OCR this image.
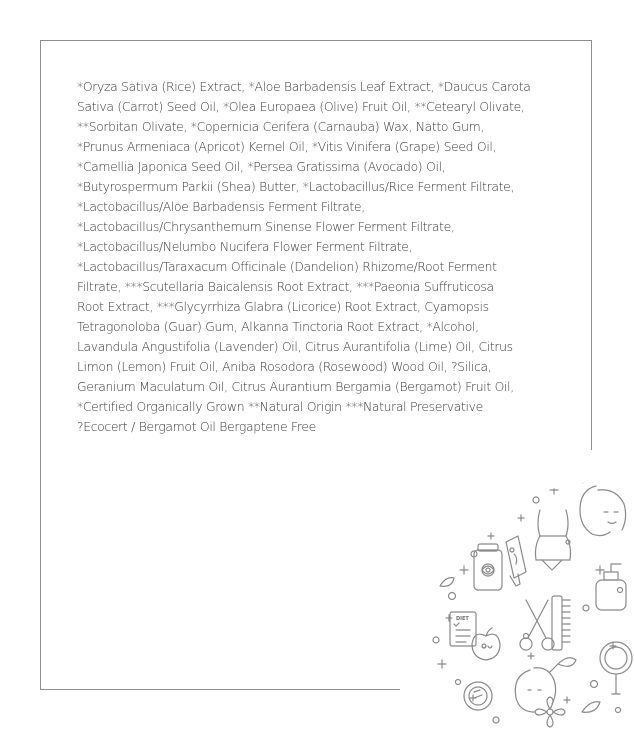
*Oryza Sativa (Rice) Extract, *Aloe Barbadensis Leaf Extract, *Daucus Carota
Sativa (Carrot) Seed Oil, *Olea Europaea (Olive) Fruit Oil, **Cetearyl Olivate,
**Sorbitan Olivate, *Copernicia Cerifera (Carnauba) Wax, Natto Gum,
*Prunus Armeniaca (Apricot) Kernel Oil, *Vitis Vinifera (Grape) Seed Oil,
*Camellia Japonica Seed Oil, *Persea Gratissima (Avocado) Oil,
*Butyrospermum Parkii (Shea) Butter, *Lactobacillus/Rice Ferment Filtrate,
*Lactobacillus/Aloe Barbadensis Ferment Filtrate,
*Lactobacillus/Chrysanthemum Sinense Flower Ferment Filtrate,
*Lactobacillus/Nelumbo Nucifera Flower Ferment Filtrate,
*Lactobacillus/Taraxacum Officinale (Dandelion) Rhizome/Root Ferment
Filtrate, ***Scutellaria Baicalensis Root Extract, ***Paeonia Suffruticosa
Root Extract, ***Glycyrrhiza Glabra (Licorice) Root Extract, Cyamopsis
Tetragonoloba (Guar) Gum, Alkanna Tinctoria Root Extract, *Alcohol,
Lavandula Angustifolia (Lavender) Oil, Citrus Aurantifolia (Lime) Oil, Citrus
Limon (Lemon) Fruit Oil, Aniba Rosodora (Rosewood) Wood Oil, ?Silica,
Geranium Maculatum Oil, Citrus Aurantium Bergamia (Bergamot) Fruit Oil,
*Certified Organically Grown **Natural Origin ***Natural Preservative
?Ecocert / Bergamot Oil Bergaptene Free

DIET
